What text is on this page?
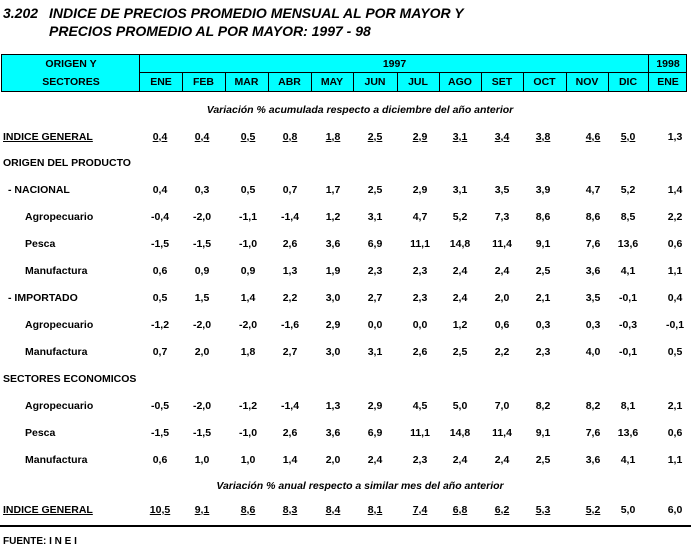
3.202 INDICE DE PRECIOS PROMEDIO MENSUAL AL POR MAYOR Y
PRECIOS PROMEDIO AL POR MAYOR: 1997 - 98
ORIGEN Y
SECTORES
1997	1998
ENE	FEB	MAR	ABR	MAY	JUN	JUL	AGO	SET	OCT	NOV	DIC	ENE
INDICE GENERAL	0,4	0,4	0,5	0,8	1,8	2,5	2,9	3,1	3,4	3,8	4,6	5,0	1,3
ORIGEN DEL PRODUCTO
- NACIONAL	0,4	0,3	0,5	0,7	1,7	2,5	2,9	3,1	3,5	3,9	4,7	5,2	1,4
Agropecuario	-0,4	-2,0	-1,1	-1,4	1,2	3,1	4,7	5,2	7,3	8,6	8,6	8,5	2,2
Pesca	-1,5	-1,5	-1,0	2,6	3,6	6,9	11,1	14,8	11,4	9,1	7,6	13,6	0,6
Manufactura	0,6	0,9	0,9	1,3	1,9	2,3	2,3	2,4	2,4	2,5	3,6	4,1	1,1
- IMPORTADO	0,5	1,5	1,4	2,2	3,0	2,7	2,3	2,4	2,0	2,1	3,5	-0,1	0,4
Agropecuario	-1,2	-2,0	-2,0	-1,6	2,9	0,0	0,0	1,2	0,6	0,3	0,3	-0,3	-0,1
Manufactura	0,7	2,0	1,8	2,7	3,0	3,1	2,6	2,5	2,2	2,3	4,0	-0,1	0,5
SECTORES ECONOMICOS
Agropecuario	-0,5	-2,0	-1,2	-1,4	1,3	2,9	4,5	5,0	7,0	8,2	8,2	8,1	2,1
Pesca	-1,5	-1,5	-1,0	2,6	3,6	6,9	11,1	14,8	11,4	9,1	7,6	13,6	0,6
Manufactura	0,6	1,0	1,0	1,4	2,0	2,4	2,3	2,4	2,4	2,5	3,6	4,1	1,1
INDICE GENERAL	10,5	9,1	8,6	8,3	8,4	8,1	7,4	6,8	6,2	5,3	5,2	5,0	6,0
Variación % acumulada respecto a diciembre del año anterior
Variación % anual respecto a similar mes del año anterior
FUENTE: I N E I
